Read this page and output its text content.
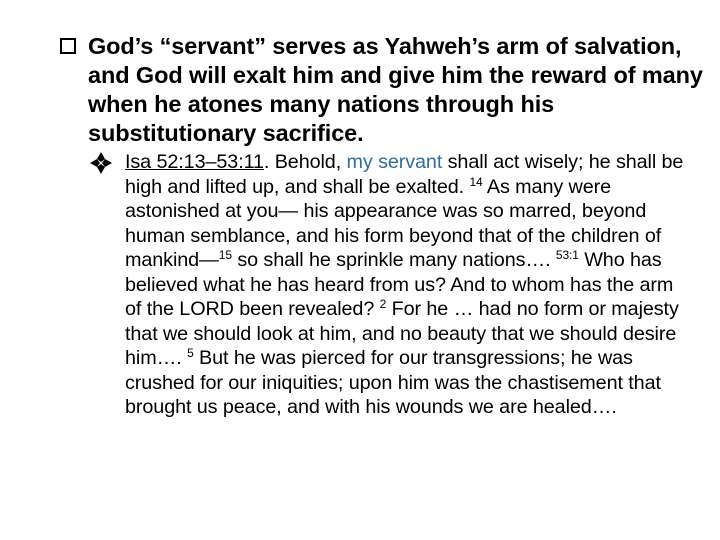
God’s “servant” serves as Yahweh’s arm of salvation, and God will exalt him and give him the reward of many when he atones many nations through his substitutionary sacrifice.

Isa 52:13–53:11. Behold, my servant shall act wisely; he shall be high and lifted up, and shall be exalted. $^{14}$ As many were astonished at you— his appearance was so marred, beyond human semblance, and his form beyond that of the children of mankind—$^{15}$ so shall he sprinkle many nations…. $^{53:1}$ Who has believed what he has heard from us? And to whom has the arm of the LORD been revealed? $^2$ For he … had no form or majesty that we should look at him, and no beauty that we should desire him…. $^5$ But he was pierced for our transgressions; he was crushed for our iniquities; upon him was the chastisement that brought us peace, and with his wounds we are healed….
